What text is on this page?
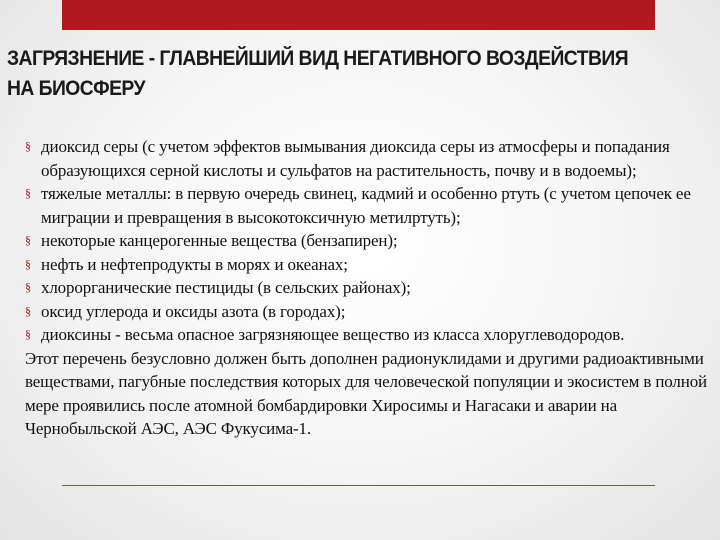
ЗАГРЯЗНЕНИЕ - ГЛАВНЕЙШИЙ ВИД НЕГАТИВНОГО ВОЗДЕЙСТВИЯ НА БИОСФЕРУ
§ диоксид серы (с учетом эффектов вымывания диоксида серы из атмосферы и попадания образующихся серной кислоты и сульфатов на растительность, почву и в водоемы);
§ тяжелые металлы: в первую очередь свинец, кадмий и особенно ртуть (с учетом цепочек ее миграции и превращения в высокотоксичную метилртуть);
§ некоторые канцерогенные вещества (бензапирен);
§ нефть и нефтепродукты в морях и океанах;
§ хлорорганические пестициды (в сельских районах);
§ оксид углерода и оксиды азота (в городах);
§ диоксины - весьма опасное загрязняющее вещество из класса хлоруглеводородов.

Этот перечень безусловно должен быть дополнен радионуклидами и другими радиоактивными веществами, пагубные последствия которых для человеческой популяции и экосистем в полной мере проявились после атомной бомбардировки Хиросимы и Нагасаки и аварии на Чернобыльской АЭС, АЭС Фукусима-1.
